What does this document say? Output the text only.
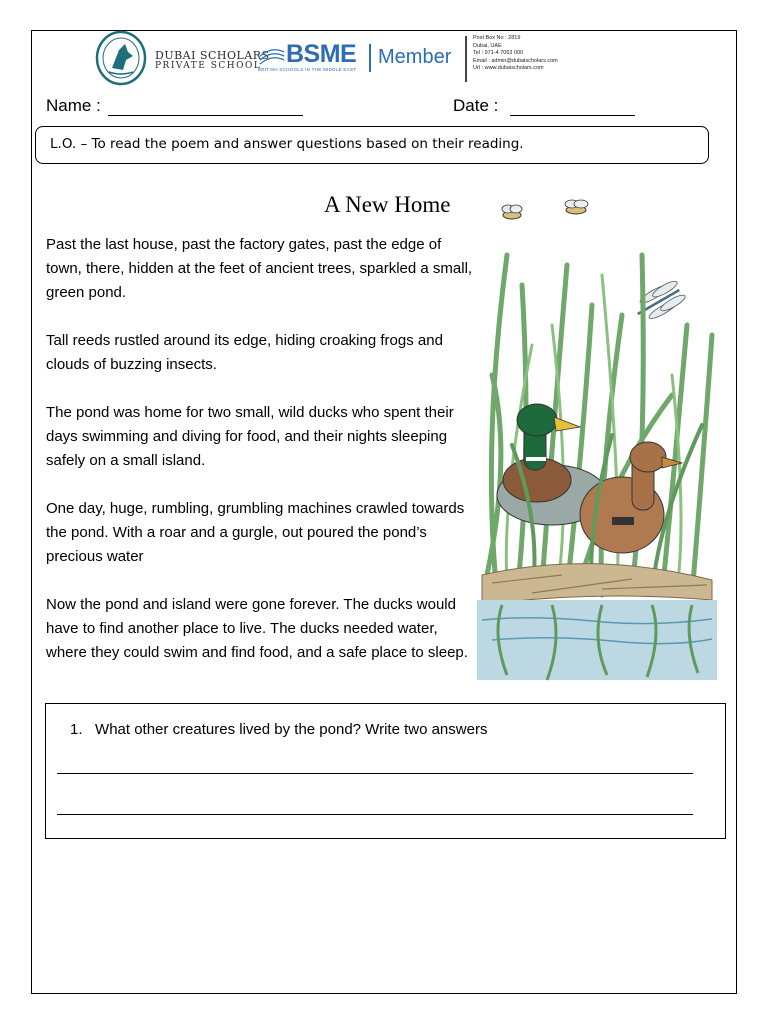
DUBAI SCHOLARS
PRIVATE SCHOOL BSME
BRITISH SCHOOLS IN THE MIDDLE EAST
Member
Post Box No : 2819
Dubai, UAE
Tel : 971-4 7063 000
Email : admin@dubaischolars.com
Url : www.dubaischolars.com
Name :	Date :
L.O. – To read the poem and answer questions based on their reading.
A New Home

Past the last house, past the factory gates, past the edge of town, there, hidden at the feet of ancient trees, sparkled a small, green pond.

Tall reeds rustled around its edge, hiding croaking frogs and clouds of buzzing insects.

The pond was home for two small, wild ducks who spent their days swimming and diving for food, and their nights sleeping safely on a small island.

One day, huge, rumbling, grumbling machines crawled towards the pond. With a roar and a gurgle, out poured the pond’s precious water

Now the pond and island were gone forever. The ducks would have to find another place to live. The ducks needed water, where they could swim and find food, and a safe place to sleep.

1. What other creatures lived by the pond? Write two answers
